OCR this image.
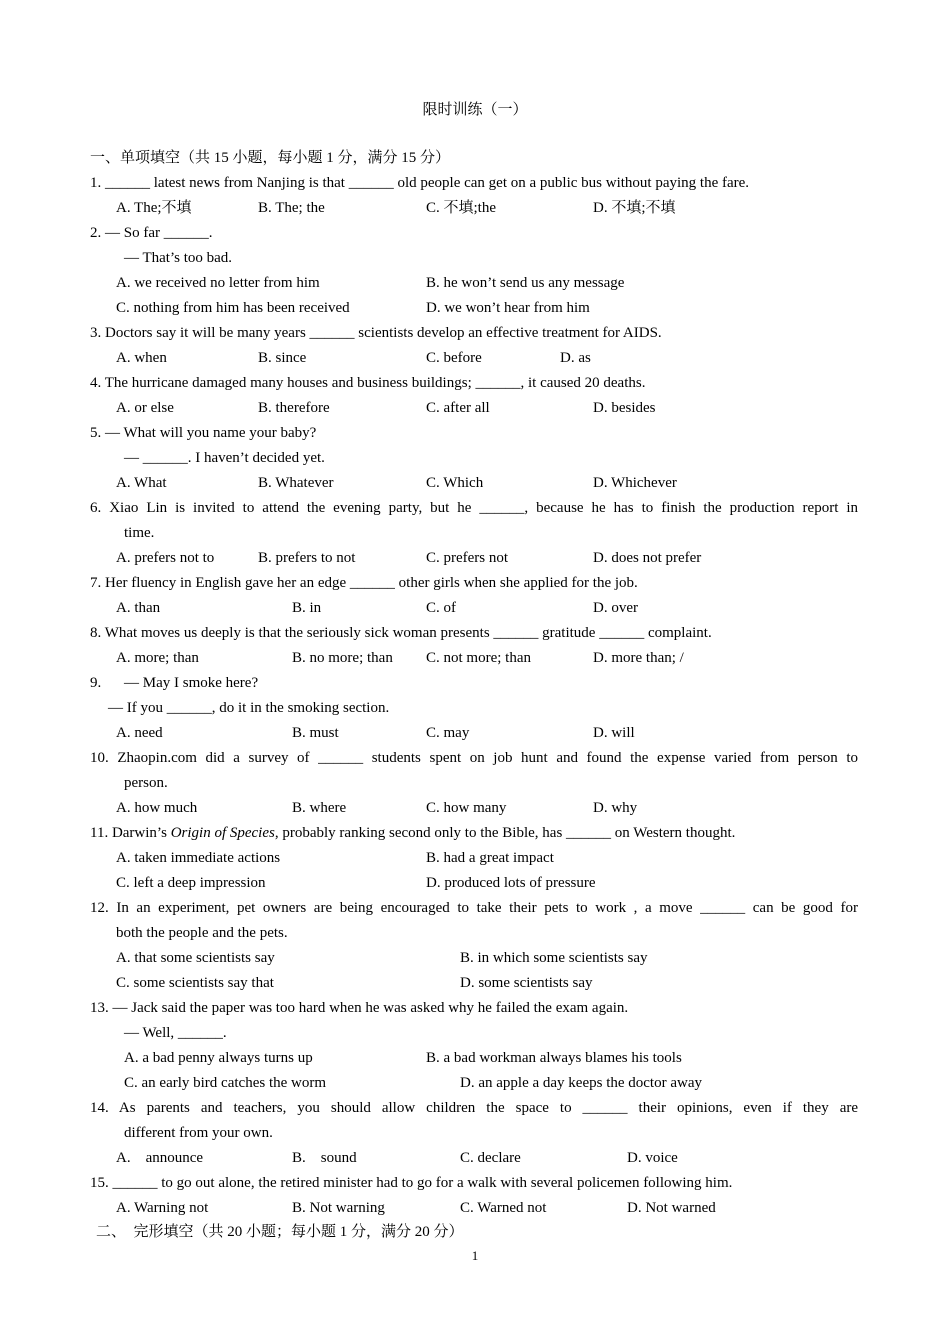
限时训练（一）
一、单项填空（共 15 小题，每小题 1 分，满分 15 分）
1. ______ latest news from Nanjing is that ______ old people can get on a public bus without paying the fare.
A. The;不填	B. The; the	C. 不填;the	D. 不填;不填
2. — So far ______.
— That’s too bad.
A. we received no letter from him	B. he won’t send us any message
C. nothing from him has been received	D. we won’t hear from him
3. Doctors say it will be many years ______ scientists develop an effective treatment for AIDS.
A. when	B. since	C. before	D. as
4. The hurricane damaged many houses and business buildings; ______, it caused 20 deaths.
A. or else	B. therefore	C. after all	D. besides
5. — What will you name your baby?
— ______. I haven’t decided yet.
A. What	B. Whatever	C. Which	D. Whichever
6. Xiao Lin is invited to attend the evening party, but he ______, because he has to finish the production report in
time.
A. prefers not to	B. prefers to not	C. prefers not	D. does not prefer
7. Her fluency in English gave her an edge ______ other girls when she applied for the job.
A. than	B. in	C. of	D. over
8. What moves us deeply is that the seriously sick woman presents ______ gratitude ______ complaint.
A. more; than	B. no more; than C. not more; than	D. more than; /
9. — May I smoke here?
— If you ______, do it in the smoking section.
A. need	B. must	C. may	D. will
10. Zhaopin.com did a survey of ______ students spent on job hunt and found the expense varied from person to
person.
A. how much	B. where	C. how many	D. why
11. Darwin’s Origin of Species, probably ranking second only to the Bible, has ______ on Western thought.
A. taken immediate actions	B. had a great impact
C. left a deep impression	D. produced lots of pressure
12. In an experiment, pet owners are being encouraged to take their pets to work , a move ______ can be good for
both the people and the pets.
A. that some scientists say	B. in which some scientists say
C. some scientists say that	D. some scientists say
13. — Jack said the paper was too hard when he was asked why he failed the exam again.
— Well, ______.
A. a bad penny always turns up	B. a bad workman always blames his tools
C. an early bird catches the worm	D. an apple a day keeps the doctor away
14. As parents and teachers, you should allow children the space to ______ their opinions, even if they are
different from your own.
A.    announce	B.    sound	C. declare	D. voice
15. ______ to go out alone, the retired minister had to go for a walk with several policemen following him.
A. Warning not	B. Not warning	C. Warned not	D. Not warned
二、  完形填空（共 20 小题；每小题 1 分，满分 20 分）
1
